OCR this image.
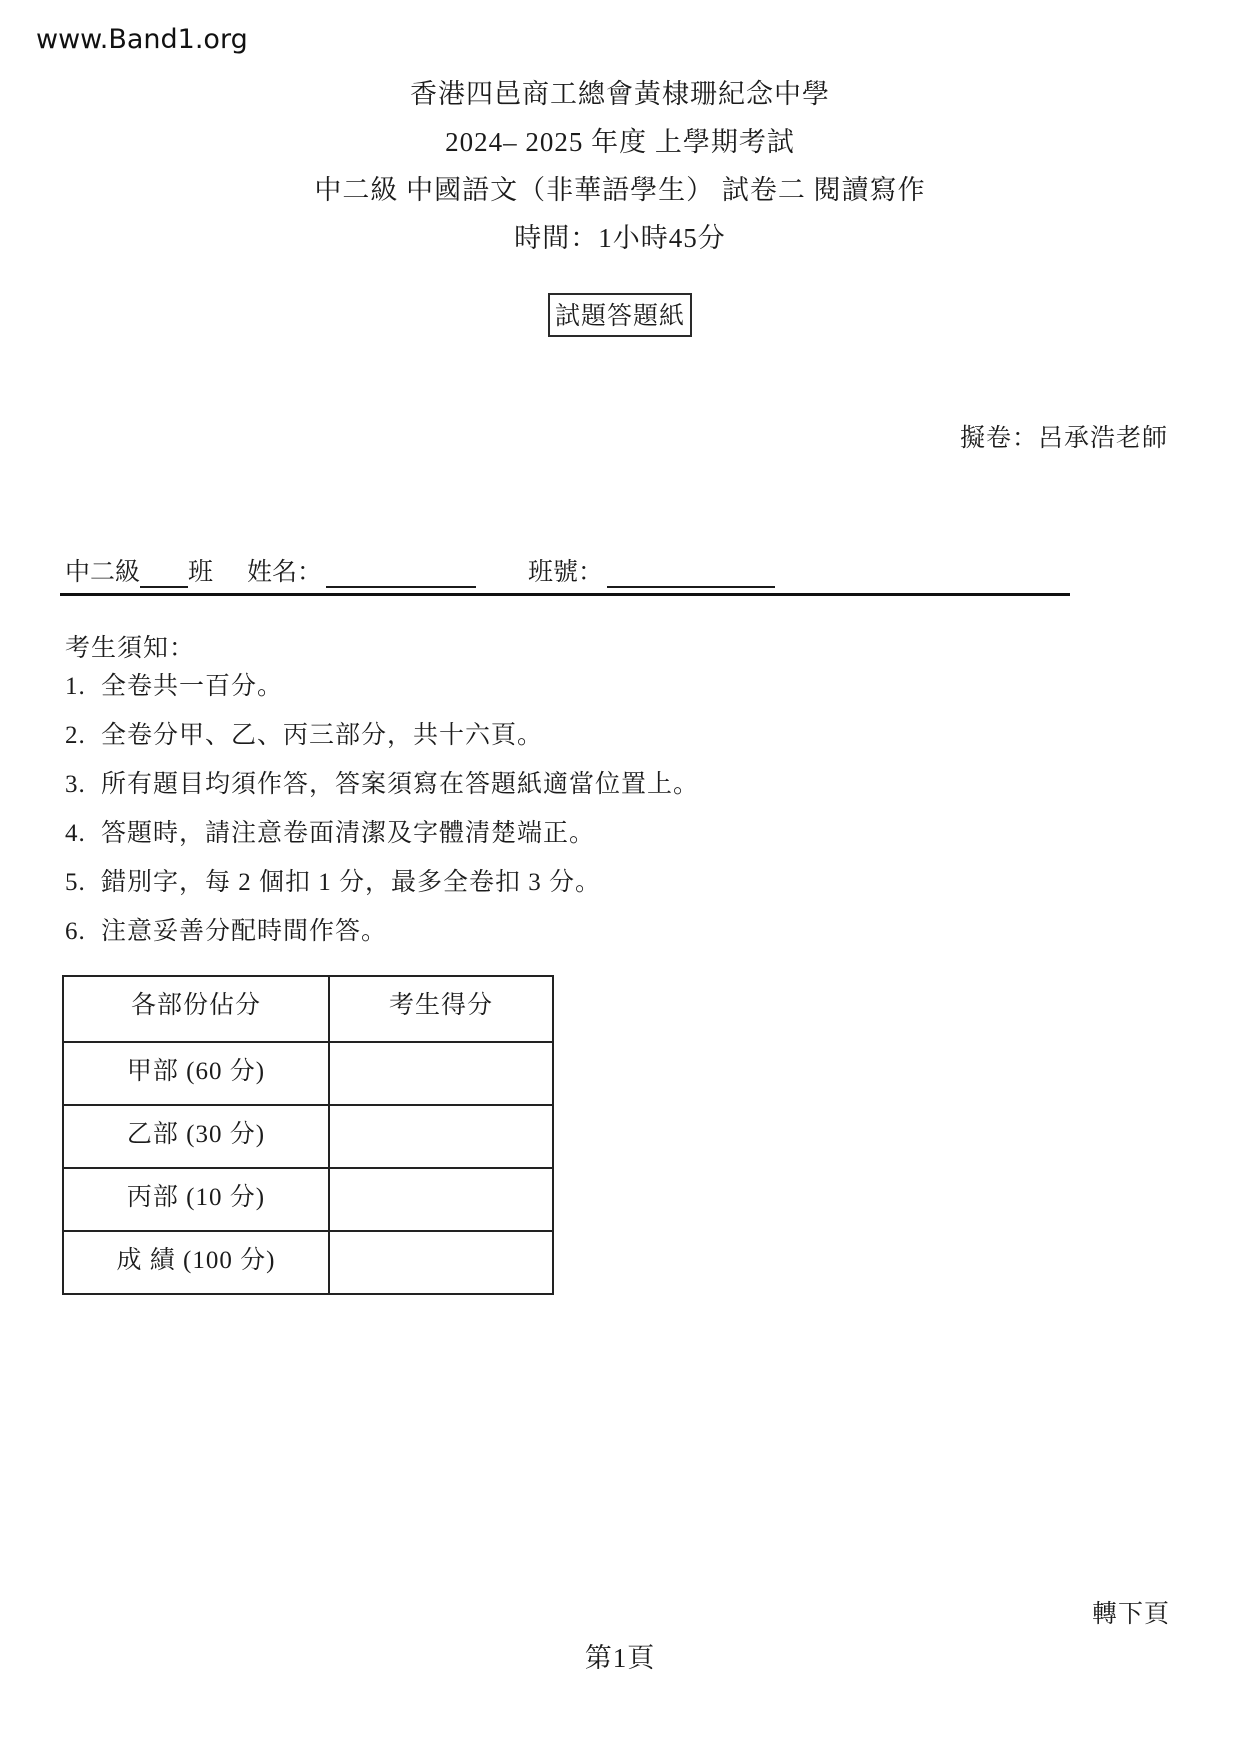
www.Band1.org
香港四邑商工總會黃棣珊紀念中學
2024– 2025 年度 上學期考試
中二級 中國語文（非華語學生） 試卷二 閱讀寫作
時間：1小時45分
試題答題紙
擬卷：呂承浩老師
中二級 班 姓名：	班號：
考生須知：
1. 全卷共一百分。
2. 全卷分甲、乙、丙三部分，共十六頁。
3. 所有題目均須作答，答案須寫在答題紙適當位置上。
4. 答題時，請注意卷面清潔及字體清楚端正。
5. 錯別字，每 2 個扣 1 分，最多全卷扣 3 分。
6. 注意妥善分配時間作答。
各部份佔分	考生得分
甲部 (60 分)	
乙部 (30 分)	
丙部 (10 分)	
成 績 (100 分)	
轉下頁
第1頁
